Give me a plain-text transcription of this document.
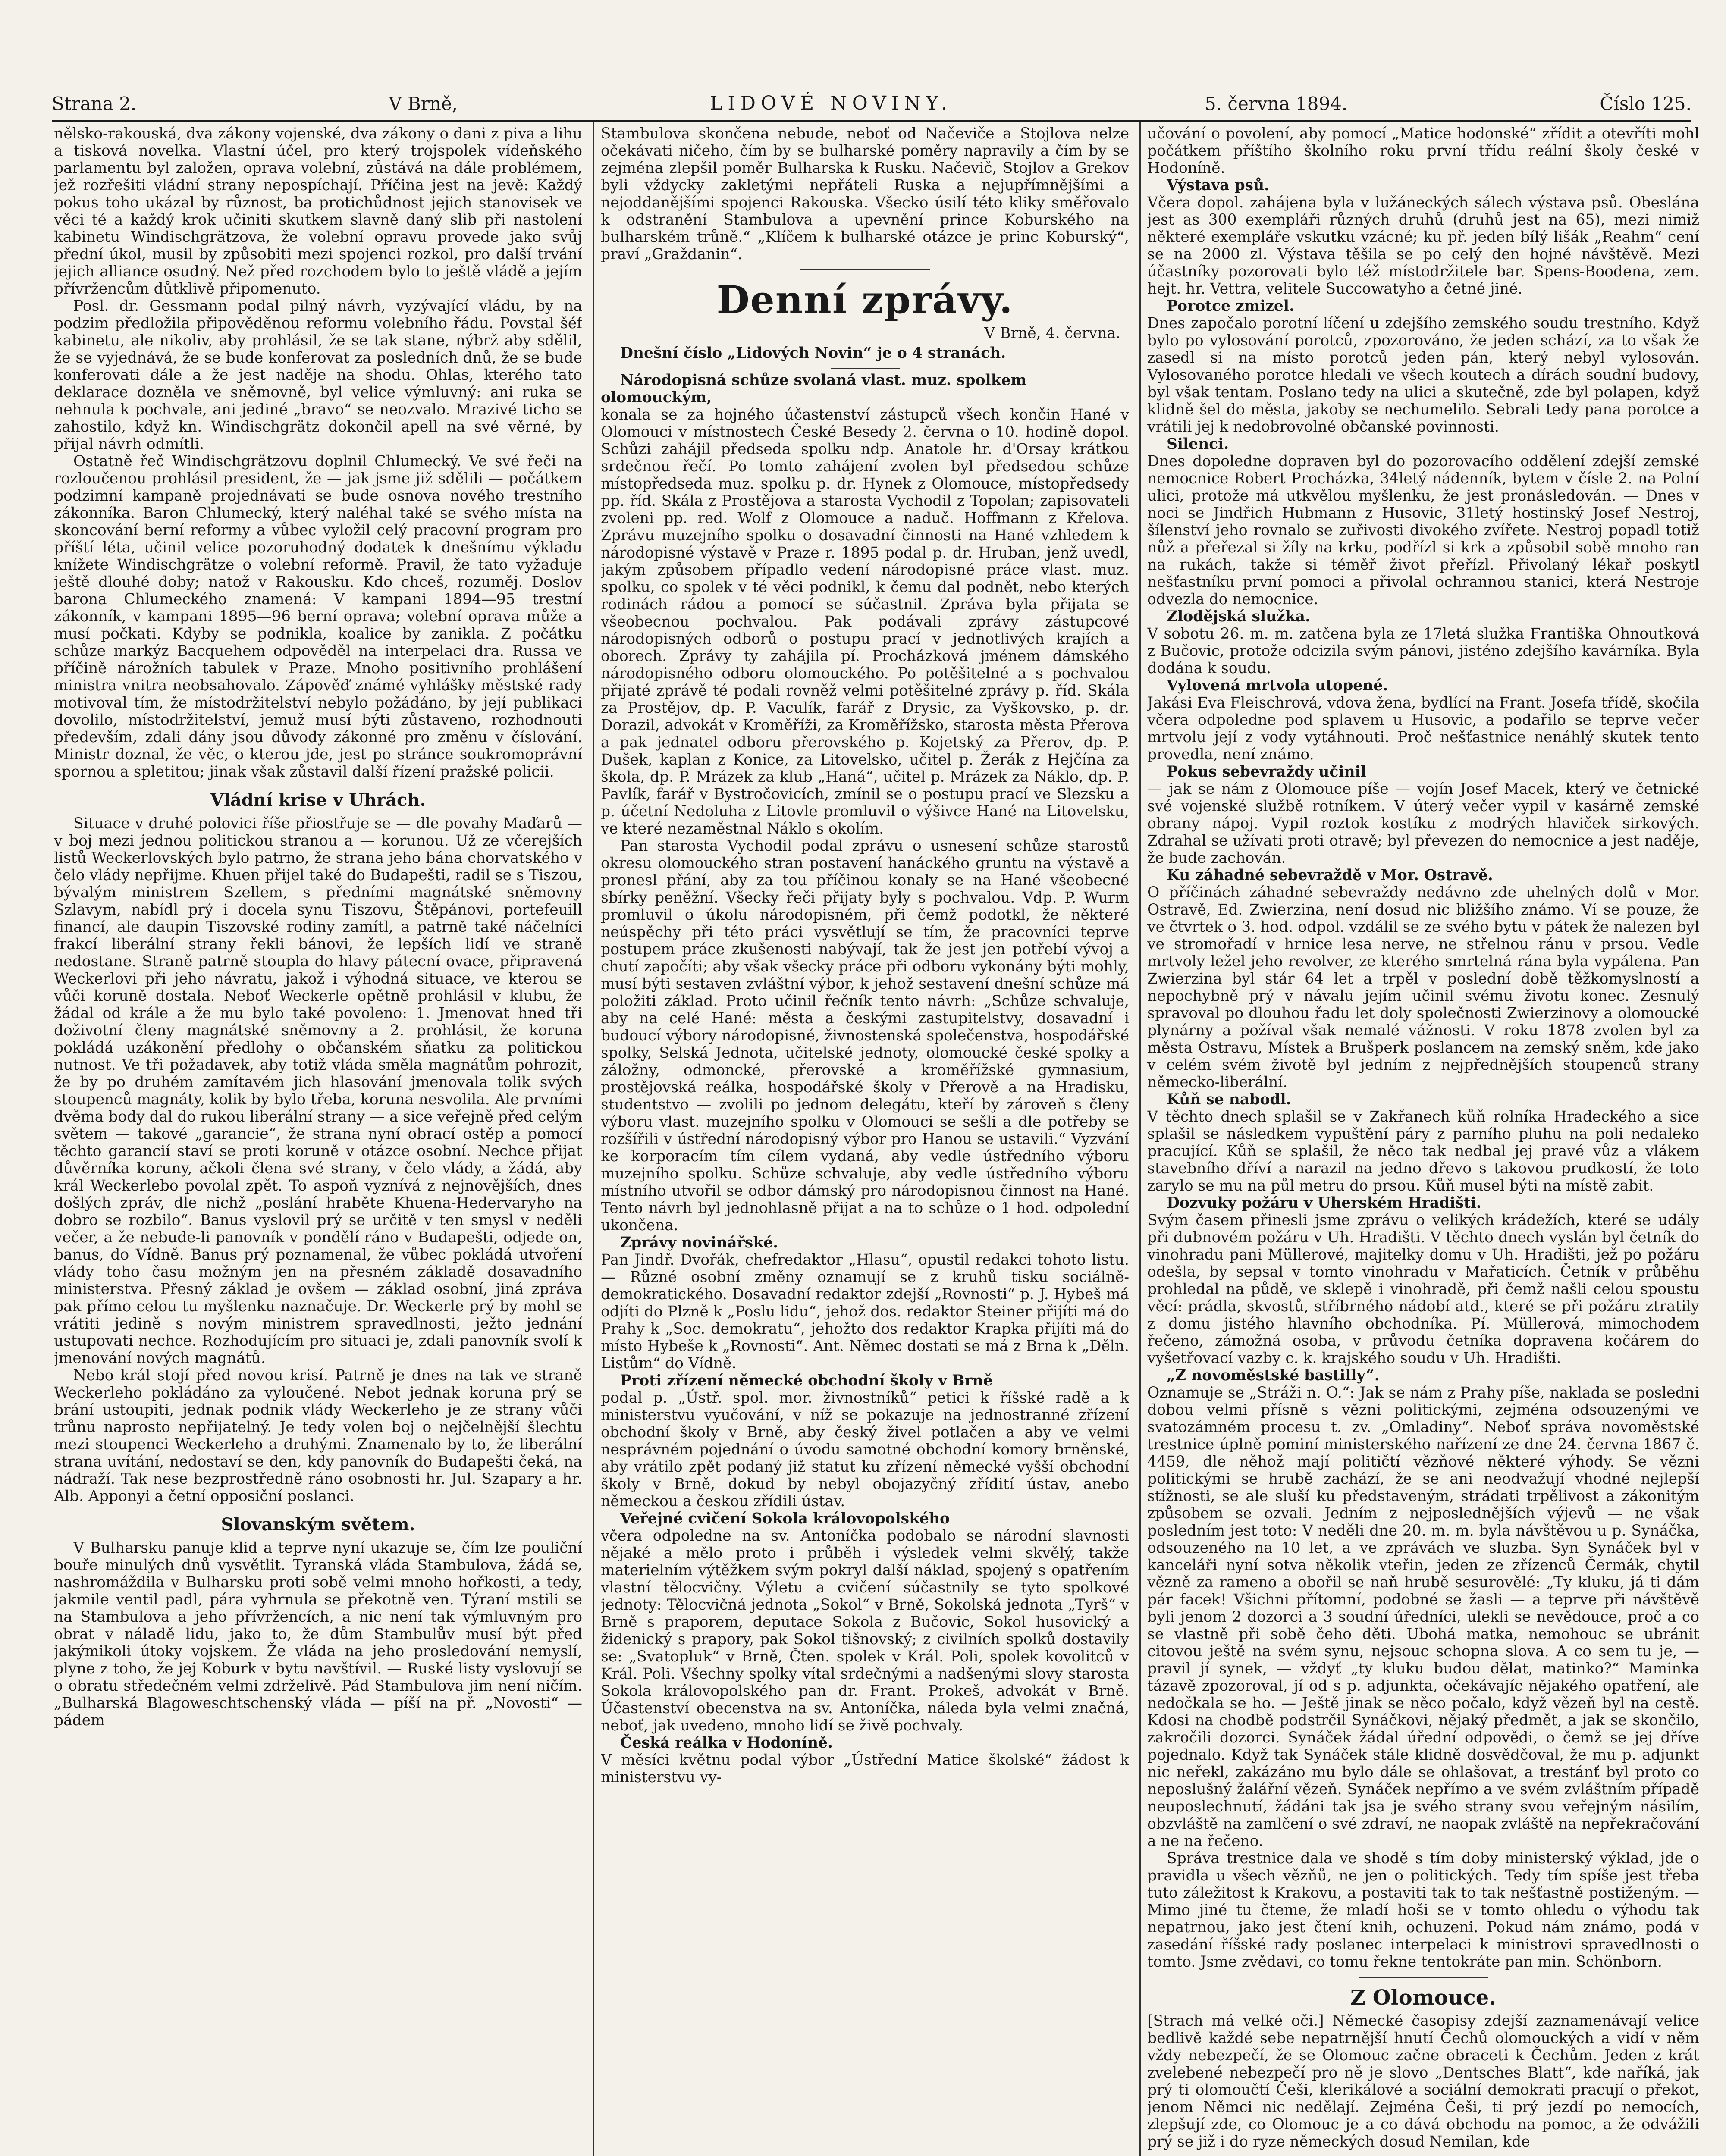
Strana 2.	V Brně,	LIDOVÉ NOVINY.	5. června 1894.	Číslo 125.

nělsko-rakouská, dva zákony vojenské, dva zákony o dani z piva a lihu a tisková novelka. Vlastní účel, pro který trojspolek vídeňského parlamentu byl založen, oprava volební, zůstává na dále problémem, jež rozřešiti vládní strany nepospíchají. Příčina jest na jevě: Každý pokus toho ukázal by různost, ba protichůdnost jejich stanovisek ve věci té a každý krok učiniti skutkem slavně daný slib při nastolení kabinetu Windischgrätzova, že volební opravu provede jako svůj přední úkol, musil by způsobiti mezi spojenci rozkol, pro další trvání jejich alliance osudný. Než před rozchodem bylo to ještě vládě a jejím přívržencům důtklivě připomenuto.

Posl. dr. Gessmann podal pilný návrh, vyzývající vládu, by na podzim předložila připověděnou reformu volebního řádu. Povstal šéf kabinetu, ale nikoliv, aby prohlásil, že se tak stane, nýbrž aby sdělil, že se vyjednává, že se bude konferovat za posledních dnů, že se bude konferovati dále a že jest naděje na shodu. Ohlas, kterého tato deklarace dozněla ve sněmovně, byl velice výmluvný: ani ruka se nehnula k pochvale, ani jediné „bravo“ se neozvalo. Mrazivé ticho se zahostilo, když kn. Windischgrätz dokončil apell na své věrné, by přijal návrh odmítli.

Ostatně řeč Windischgrätzovu doplnil Chlumecký. Ve své řeči na rozloučenou prohlásil president, že — jak jsme již sdělili — počátkem podzimní kampaně projednávati se bude osnova nového trestního zákonníka. Baron Chlumecký, který naléhal také se svého místa na skoncování berní reformy a vůbec vyložil celý pracovní program pro příští léta, učinil velice pozoruhodný dodatek k dnešnímu výkladu knížete Windischgrätze o volební reformě. Pravil, že tato vyžaduje ještě dlouhé doby; natož v Rakousku. Kdo chceš, rozuměj. Doslov barona Chlumeckého znamená: V kampani 1894—95 trestní zákonník, v kampani 1895—96 berní oprava; volební oprava může a musí počkati. Kdyby se podnikla, koalice by zanikla. Z počátku schůze markýz Bacquehem odpověděl na interpelaci dra. Russa ve příčině nárožních tabulek v Praze. Mnoho positivního prohlášení ministra vnitra neobsahovalo. Zápověď známé vyhlášky městské rady motivoval tím, že místodržitelství nebylo požádáno, by její publikaci dovolilo, místodržitelství, jemuž musí býti zůstaveno, rozhodnouti především, zdali dány jsou důvody zákonné pro změnu v číslování. Ministr doznal, že věc, o kterou jde, jest po stránce soukromoprávní spornou a spletitou; jinak však zůstavil další řízení pražské policii.

Vládní krise v Uhrách.

Situace v druhé polovici říše přiostřuje se — dle povahy Maďarů — v boj mezi jednou politickou stranou a — korunou. Už ze včerejších listů Weckerlovských bylo patrno, že strana jeho bána chorvatského v čelo vlády nepřijme. Khuen přijel také do Budapešti, radil se s Tiszou, bývalým ministrem Szellem, s předními magnátské sněmovny Szlavym, nabídl prý i docela synu Tiszovu, Štěpánovi, portefeuill financí, ale daupin Tiszovské rodiny zamítl, a patrně také náčelníci frakcí liberální strany řekli bánovi, že lepších lidí ve straně nedostane. Straně patrně stoupla do hlavy pátecní ovace, připravená Weckerlovi při jeho návratu, jakož i výhodná situace, ve kterou se vůči koruně dostala. Neboť Weckerle opětně prohlásil v klubu, že žádal od krále a že mu bylo také povoleno: 1. Jmenovat hned tři doživotní členy magnátské sněmovny a 2. prohlásit, že koruna pokládá uzákonění předlohy o občanském sňatku za politickou nutnost. Ve tři požadavek, aby totiž vláda směla magnátům pohrozit, že by po druhém zamítavém jich hlasování jmenovala tolik svých stoupenců magnáty, kolik by bylo třeba, koruna nesvolila. Ale prvními dvěma body dal do rukou liberální strany — a sice veřejně před celým světem — takové „garancie“, že strana nyní obrací ostěp a pomocí těchto garancií staví se proti koruně v otázce osobní. Nechce přijat důvěrníka koruny, ačkoli člena své strany, v čelo vlády, a žádá, aby král Weckerlebo povolal zpět. To aspoň vyznívá z nejnovějších, dnes došlých zpráv, dle nichž „poslání hraběte Khuena-Hedervaryho na dobro se rozbilo“. Banus vyslovil prý se určitě v ten smysl v neděli večer, a že nebude-li panovník v pondělí ráno v Budapešti, odjede on, banus, do Vídně. Banus prý poznamenal, že vůbec pokládá utvoření vlády toho času možným jen na přesném základě dosavadního ministerstva. Přesný základ je ovšem — základ osobní, jiná zpráva pak přímo celou tu myšlenku naznačuje. Dr. Weckerle prý by mohl se vrátiti jedině s novým ministrem spravedlnosti, ježto jednání ustupovati nechce. Rozhodujícím pro situaci je, zdali panovník svolí k jmenování nových magnátů.

Nebo král stojí před novou krisí. Patrně je dnes na tak ve straně Weckerleho pokládáno za vyloučené. Nebot jednak koruna prý se brání ustoupiti, jednak podnik vlády Weckerleho je ze strany vůči trůnu naprosto nepřijatelný. Je tedy volen boj o nejčelnější šlechtu mezi stoupenci Weckerleho a druhými. Znamenalo by to, že liberální strana uvítání, nedostaví se den, kdy panovník do Budapešti čeká, na nádraží. Tak nese bezprostředně ráno osobnosti hr. Jul. Szapary a hr. Alb. Apponyi a četní opposiční poslanci.

Slovanským světem.

V Bulharsku panuje klid a teprve nyní ukazuje se, čím lze pouliční bouře minulých dnů vysvětlit. Tyranská vláda Stambulova, žádá se, nashromáždila v Bulharsku proti sobě velmi mnoho hořkosti, a tedy, jakmile ventil padl, pára vyhrnula se překotně ven. Týraní mstili se na Stambulova a jeho přívržencích, a nic není tak výmluvným pro obrat v náladě lidu, jako to, že dům Stambulův musí být před jakýmikoli útoky vojskem. Že vláda na jeho prosledování nemyslí, plyne z toho, že jej Koburk v bytu navštívil. — Ruské listy vyslovují se o obratu středečném velmi zdrželivě. Pád Stambulova jim není ničím. „Bulharská Blagoweschtschenský vláda — píší na př. „Novosti“ — pádem

Stambulova skončena nebude, neboť od Načeviče a Stojlova nelze očekávati ničeho, čím by se bulharské poměry napravily a čím by se zejména zlepšil poměr Bulharska k Rusku. Načevič, Stojlov a Grekov byli vždycky zakletými nepřáteli Ruska a nejupřímnějšími a nejoddanějšími spojenci Rakouska. Všecko úsilí této kliky směřovalo k odstranění Stambulova a upevnění prince Koburského na bulharském trůně.“ „Klíčem k bulharské otázce je princ Koburský“, praví „Graždanin“.

Denní zprávy.
V Brně, 4. června.

Dnešní číslo „Lidových Novin“ je o 4 stranách.

Národopisná schůze svolaná vlast. muz. spolkem olomouckým,

konala se za hojného účastenství zástupců všech končin Hané v Olomouci v místnostech České Besedy 2. června o 10. hodině dopol. Schůzi zahájil předseda spolku ndp. Anatole hr. d'Orsay krátkou srdečnou řečí. Po tomto zahájení zvolen byl předsedou schůze místopředseda muz. spolku p. dr. Hynek z Olomouce, místopředsedy pp. říd. Skála z Prostějova a starosta Vychodil z Topolan; zapisovateli zvoleni pp. red. Wolf z Olomouce a naduč. Hoffmann z Křelova. Zprávu muzejního spolku o dosavadní činnosti na Hané vzhledem k národopisné výstavě v Praze r. 1895 podal p. dr. Hruban, jenž uvedl, jakým způsobem případlo vedení národopisné práce vlast. muz. spolku, co spolek v té věci podnikl, k čemu dal podnět, nebo kterých rodinách rádou a pomocí se súčastnil. Zpráva byla přijata se všeobecnou pochvalou. Pak podávali zprávy zástupcové národopisných odborů o postupu prací v jednotlivých krajích a oborech. Zprávy ty zahájila pí. Procházková jménem dámského národopisného odboru olomouckého. Po potěšitelné a s pochvalou přijaté zprávě té podali rovněž velmi potěšitelné zprávy p. říd. Skála za Prostějov, dp. P. Vaculík, farář z Drysic, za Vyškovsko, p. dr. Dorazil, advokát v Kroměříži, za Kroměřížsko, starosta města Přerova a pak jednatel odboru přerovského p. Kojetský za Přerov, dp. P. Dušek, kaplan z Konice, za Litovelsko, učitel p. Žerák z Hejčína za škola, dp. P. Mrázek za klub „Haná“, učitel p. Mrázek za Náklo, dp. P. Pavlík, farář v Bystročovicích, zmínil se o postupu prací ve Slezsku a p. účetní Nedoluha z Litovle promluvil o výšivce Hané na Litovelsku, ve které nezaměstnal Náklo s okolím.

Pan starosta Vychodil podal zprávu o usnesení schůze starostů okresu olomouckého stran postavení hanáckého gruntu na výstavě a pronesl přání, aby za tou příčinou konaly se na Hané všeobecné sbírky peněžní. Všecky řeči přijaty byly s pochvalou. Vdp. P. Wurm promluvil o úkolu národopisném, při čemž podotkl, že některé neúspěchy při této práci vysvětlují se tím, že pracovníci teprve postupem práce zkušenosti nabývají, tak že jest jen potřebí vývoj a chutí započíti; aby však všecky práce při odboru vykonány býti mohly, musí býti sestaven zvláštní výbor, k jehož sestavení dnešní schůze má položiti základ. Proto učinil řečník tento návrh: „Schůze schvaluje, aby na celé Hané: města a českými zastupitelstvy, dosavadní i budoucí výbory národopisné, živnostenská společenstva, hospodářské spolky, Selská Jednota, učitelské jednoty, olomoucké české spolky a záložny, odmoncké, přerovské a kroměřížské gymnasium, prostějovská reálka, hospodářské školy v Přerově a na Hradisku, studentstvo — zvolili po jednom delegátu, kteří by zároveň s členy výboru vlast. muzejního spolku v Olomouci se sešli a dle potřeby se rozšířili v ústřední národopisný výbor pro Hanou se ustavili.“ Vyzvání ke korporacím tím cílem vydaná, aby vedle ústředního výboru muzejního spolku. Schůze schvaluje, aby vedle ústředního výboru místního utvořil se odbor dámský pro národopisnou činnost na Hané. Tento návrh byl jednohlasně přijat a na to schůze o 1 hod. odpolední ukončena.

Zprávy novinářské.

Pan Jindř. Dvořák, chefredaktor „Hlasu“, opustil redakci tohoto listu. — Různé osobní změny oznamují se z kruhů tisku sociálně-demokratického. Dosavadní redaktor zdejší „Rovnosti“ p. J. Hybeš má odjíti do Plzně k „Poslu lidu“, jehož dos. redaktor Steiner přijíti má do Prahy k „Soc. demokratu“, jehožto dos redaktor Krapka přijíti má do místo Hybeše k „Rovnosti“. Ant. Němec dostati se má z Brna k „Děln. Listům“ do Vídně.

Proti zřízení německé obchodní školy v Brně

podal p. „Ústř. spol. mor. živnostníků“ petici k říšské radě a k ministerstvu vyučování, v níž se pokazuje na jednostranné zřízení obchodní školy v Brně, aby český živel potlačen a aby ve velmi nesprávném pojednání o úvodu samotné obchodní komory brněnské, aby vrátilo zpět podaný již statut ku zřízení německé vyšší obchodní školy v Brně, dokud by nebyl obojazyčný zřídití ústav, anebo německou a českou zřídili ústav.

Veřejné cvičení Sokola královopolského

včera odpoledne na sv. Antoníčka podobalo se národní slavnosti nějaké a mělo proto i průběh i výsledek velmi skvělý, takže materielním výtěžkem svým pokryl další náklad, spojený s opatřením vlastní tělocvičny. Výletu a cvičení súčastnily se tyto spolkové jednoty: Tělocvičná jednota „Sokol“ v Brně, Sokolská jednota „Tyrš“ v Brně s praporem, deputace Sokola z Bučovic, Sokol husovický a židenický s prapory, pak Sokol tišnovský; z civilních spolků dostavily se: „Svatopluk“ v Brně, Čten. spolek v Král. Poli, spolek kovolitců v Král. Poli. Všechny spolky vítal srdečnými a nadšenými slovy starosta Sokola královopolského pan dr. Frant. Prokeš, advokát v Brně. Účastenství obecenstva na sv. Antoníčka, náleda byla velmi značná, neboť, jak uvedeno, mnoho lidí se živě pochvaly.

Česká reálka v Hodoníně.

V měsíci květnu podal výbor „Ústřední Matice školské“ žádost k ministerstvu vy-

učování o povolení, aby pomocí „Matice hodonské“ zřídit a otevříti mohl počátkem příštího školního roku první třídu reální školy české v Hodoníně.

Výstava psů.

Včera dopol. zahájena byla v lužáneckých sálech výstava psů. Obeslána jest as 300 exempláři různých druhů (druhů jest na 65), mezi nimiž některé exempláře vskutku vzácné; ku př. jeden bílý lišák „Reahm“ cení se na 2000 zl. Výstava těšila se po celý den hojné návštěvě. Mezi účastníky pozorovati bylo též místodržitele bar. Spens-Boodena, zem. hejt. hr. Vettra, velitele Succowatyho a četné jiné.

Porotce zmizel.

Dnes započalo porotní líčení u zdejšího zemského soudu trestního. Když bylo po vylosování porotců, zpozorováno, že jeden schází, za to však že zasedl si na místo porotců jeden pán, který nebyl vylosován. Vylosovaného porotce hledali ve všech koutech a dírách soudní budovy, byl však tentam. Poslano tedy na ulici a skutečně, zde byl polapen, když klidně šel do města, jakoby se nechumelilo. Sebrali tedy pana porotce a vrátili jej k nedobrovolné občanské povinnosti.

Silenci.

Dnes dopoledne dopraven byl do pozorovacího oddělení zdejší zemské nemocnice Robert Procházka, 34letý nádenník, bytem v čísle 2. na Polní ulici, protože má utkvělou myšlenku, že jest pronásledován. — Dnes v noci se Jindřich Hubmann z Husovic, 31letý hostinský Josef Nestroj, šílenství jeho rovnalo se zuřivosti divokého zvířete. Nestroj popadl totiž nůž a přeřezal si žíly na krku, podřízl si krk a způsobil sobě mnoho ran na rukách, takže si téměř život přeřízl. Přivolaný lékař poskytl nešťastníku první pomoci a přivolal ochrannou stanici, která Nestroje odvezla do nemocnice.

Zlodějská služka.

V sobotu 26. m. m. zatčena byla ze 17letá služka Františka Ohnoutková z Bučovic, protože odcizila svým pánovi, jisténo zdejšího kavárníka. Byla dodána k soudu.

Vylovená mrtvola utopené.

Jakási Eva Fleischrová, vdova žena, bydlící na Frant. Josefa třídě, skočila včera odpoledne pod splavem u Husovic, a podařilo se teprve večer mrtvolu její z vody vytáhnouti. Proč nešťastnice nenáhlý skutek tento provedla, není známo.

Pokus sebevraždy učinil

— jak se nám z Olomouce píše — vojín Josef Macek, který ve četnické své vojenské službě rotníkem. V úterý večer vypil v kasárně zemské obrany nápoj. Vypil roztok kostíku z modrých hlaviček sirkových. Zdrahal se užívati proti otravě; byl převezen do nemocnice a jest naděje, že bude zachován.

Ku záhadné sebevraždě v Mor. Ostravě.

O příčinách záhadné sebevraždy nedávno zde uhelných dolů v Mor. Ostravě, Ed. Zwierzina, není dosud nic bližšího známo. Ví se pouze, že ve čtvrtek o 3. hod. odpol. vzdálil se ze svého bytu v pátek že nalezen byl ve stromořadí v hrnice lesa nerve, ne střelnou ránu v prsou. Vedle mrtvoly ležel jeho revolver, ze kterého smrtelná rána byla vypálena. Pan Zwierzina byl stár 64 let a trpěl v poslední době těžkomyslností a nepochybně prý v návalu jejím učinil svému životu konec. Zesnulý spravoval po dlouhou řadu let doly společnosti Zwierzinovy a olomoucké plynárny a požíval však nemalé vážnosti. V roku 1878 zvolen byl za města Ostravu, Místek a Brušperk poslancem na zemský sněm, kde jako v celém svém životě byl jedním z nejpřednějších stoupenců strany německo-liberální.

Kůň se nabodl.

V těchto dnech splašil se v Zakřanech kůň rolníka Hradeckého a sice splašil se následkem vypuštění páry z parního pluhu na poli nedaleko pracující. Kůň se splašil, že něco tak nedbal jej pravé vůz a vlákem stavebního dříví a narazil na jedno dřevo s takovou prudkostí, že toto zarylo se mu na půl metru do prsou. Kůň musel býti na místě zabit.

Dozvuky požáru v Uherském Hradišti.

Svým časem přinesli jsme zprávu o velikých krádežích, které se udály při dubnovém požáru v Uh. Hradišti. V těchto dnech vyslán byl četník do vinohradu pani Müllerové, majitelky domu v Uh. Hradišti, jež po požáru odešla, by sepsal v tomto vinohradu v Mařaticích. Četník v průběhu prohledal na půdě, ve sklepě i vinohradě, při čemž našli celou spoustu věcí: prádla, skvostů, stříbrného nádobí atd., které se při požáru ztratily z domu jistého hlavního obchodníka. Pí. Müllerová, mimochodem řečeno, zámožná osoba, v průvodu četníka dopravena kočárem do vyšetřovací vazby c. k. krajského soudu v Uh. Hradišti.

„Z novoměstské bastilly“.

Oznamuje se „Stráži n. O.“: Jak se nám z Prahy píše, naklada se posledni dobou velmi přísně s vězni politickými, zejména odsouzenými ve svatozámném procesu t. zv. „Omladiny“. Neboť správa novoměstské trestnice úplně pominí ministerského nařízení ze dne 24. června 1867 č. 4459, dle něhož mají političtí vězňové některé výhody. Se vězni politickými se hrubě zachází, že se ani neodvažují vhodné nejlepší stížnosti, se ale sluší ku představeným, strádati trpělivost a zákonitým způsobem se ozvali. Jedním z nejposlednějších výjevů — ne však posledním jest toto: V neděli dne 20. m. m. byla návštěvou u p. Synáčka, odsouzeného na 10 let, a ve zprávách ve sluzba. Syn Synáček byl v kanceláři nyní sotva několik vteřin, jeden ze zřízenců Čermák, chytil vězně za rameno a obořil se naň hrubě sesurovělé: „Ty kluku, já ti dám pár facek! Všichni přítomní, podobné se žasli — a teprve při návštěvě byli jenom 2 dozorci a 3 soudní úředníci, ulekli se nevědouce, proč a co se vlastně při sobě čeho děti. Ubohá matka, nemohouc se ubránit citovou ještě na svém synu, nejsouc schopna slova. A co sem tu je, — pravil jí synek, — vždyť „ty kluku budou dělat, matinko?“ Maminka tázavě zpozoroval, jí od s p. adjunkta, očekávajíc nějakého opatření, ale nedočkala se ho. — Ještě jinak se něco počalo, když vězeň byl na cestě. Kdosi na chodbě podstrčil Synáčkovi, nějaký předmět, a jak se skončilo, zakročili dozorci. Synáček žádal úřední odpovědi, o čemž se jej dříve pojednalo. Když tak Synáček stále klidně dosvědčoval, že mu p. adjunkt nic neřekl, zakázáno mu bylo dále se ohlašovat, a trestánť byl proto co neposlušný žalářní vězeň. Synáček nepřímo a ve svém zvláštním případě neuposlechnutí, žádáni tak jsa je svého strany svou veřejným násilím, obzvláště na zamlčení o své zdraví, ne naopak zvláště na nepřekračování a ne na řečeno.

Správa trestnice dala ve shodě s tím doby ministerský výklad, jde o pravidla u všech vězňů, ne jen o politických. Tedy tím spíše jest třeba tuto záležitost k Krakovu, a postaviti tak to tak nešťastně postiženým. — Mimo jiné tu čteme, že mladí hoši se v tomto ohledu o výhodu tak nepatrnou, jako jest čtení knih, ochuzeni. Pokud nám známo, podá v zasedání říšské rady poslanec interpelaci k ministrovi spravedlnosti o tomto. Jsme zvědavi, co tomu řekne tentokráte pan min. Schönborn.

Z Olomouce.

[Strach má velké oči.] Německé časopisy zdejší zaznamenávají velice bedlivě každé sebe nepatrnější hnutí Čechů olomouckých a vidí v něm vždy nebezpečí, že se Olomouc začne obraceti k Čechům. Jeden z krát zvelebené nebezpečí pro ně je slovo „Dentsches Blatt“, kde naříká, jak prý ti olomoučtí Češi, klerikálové a sociální demokrati pracují o překot, jenom Němci nic nedělají. Zejména Češi, ti prý jezdí po nemocích, zlepšují zde, co Olomouc je a co dává obchodu na pomoc, a že odvážili prý se již i do ryze německých dosud Nemilan, kde
